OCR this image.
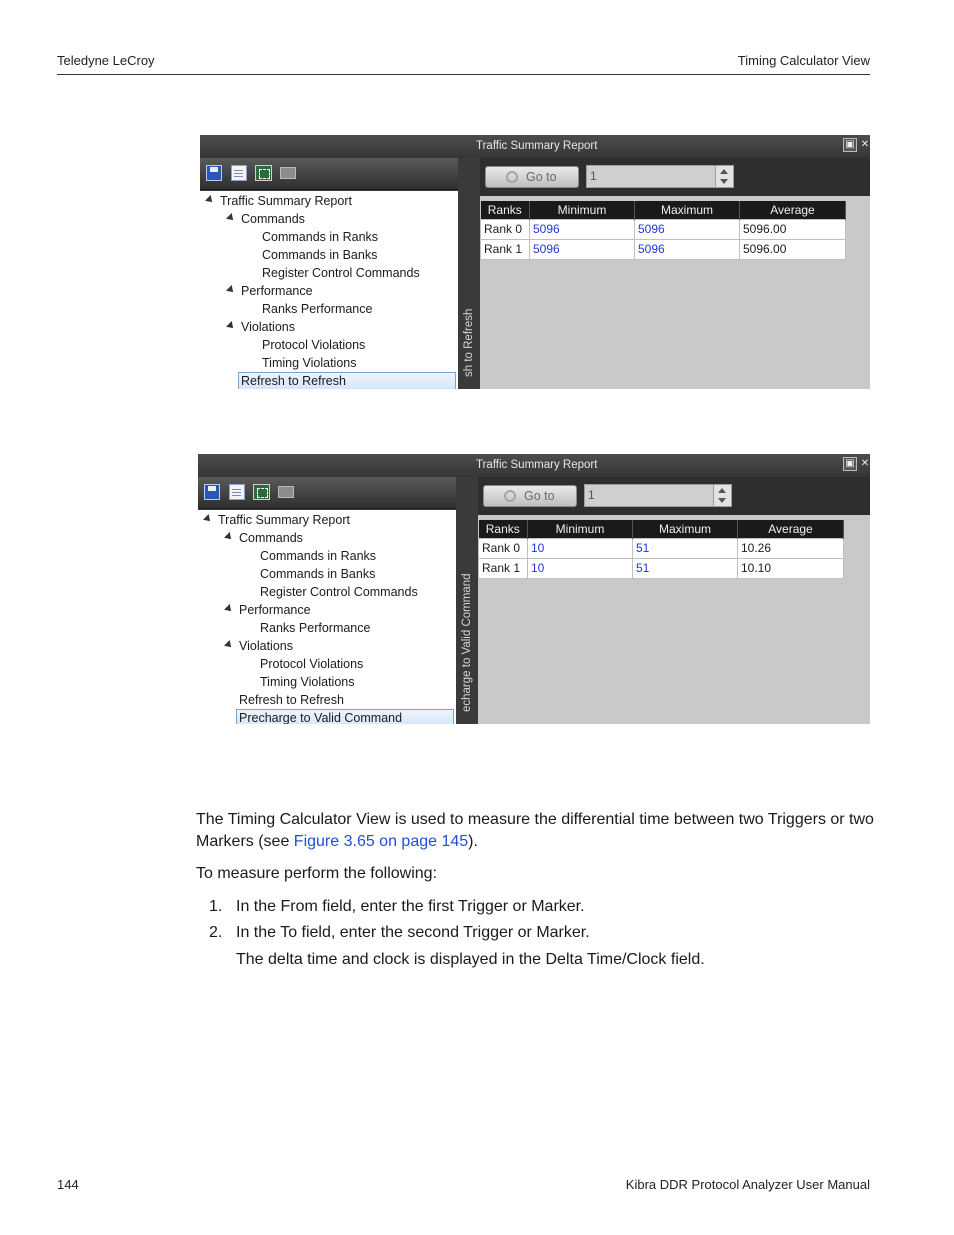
Teledyne LeCroy	Timing Calculator View
Traffic Summary Report	▣ ✕
Traffic Summary Report
Commands
Commands in Ranks
Commands in Banks
Register Control Commands
Performance
Ranks Performance
Violations
Protocol Violations
Timing Violations
Refresh to Refresh
sh to Refresh
Go to	1
Ranks	Minimum	Maximum	Average
Rank 0	5096	5096	5096.00
Rank 1	5096	5096	5096.00
Traffic Summary Report	▣ ✕
Traffic Summary Report
Commands
Commands in Ranks
Commands in Banks
Register Control Commands
Performance
Ranks Performance
Violations
Protocol Violations
Timing Violations
Refresh to Refresh
Precharge to Valid Command
echarge to Valid Command
Go to	1
Ranks	Minimum	Maximum	Average
Rank 0	10	51	10.26
Rank 1	10	51	10.10
The Timing Calculator View is used to measure the differential time between two Triggers or two Markers (see Figure 3.65 on page 145).
To measure perform the following:
1. In the From field, enter the first Trigger or Marker.
2. In the To field, enter the second Trigger or Marker.
The delta time and clock is displayed in the Delta Time/Clock field.
144	Kibra DDR Protocol Analyzer User Manual
